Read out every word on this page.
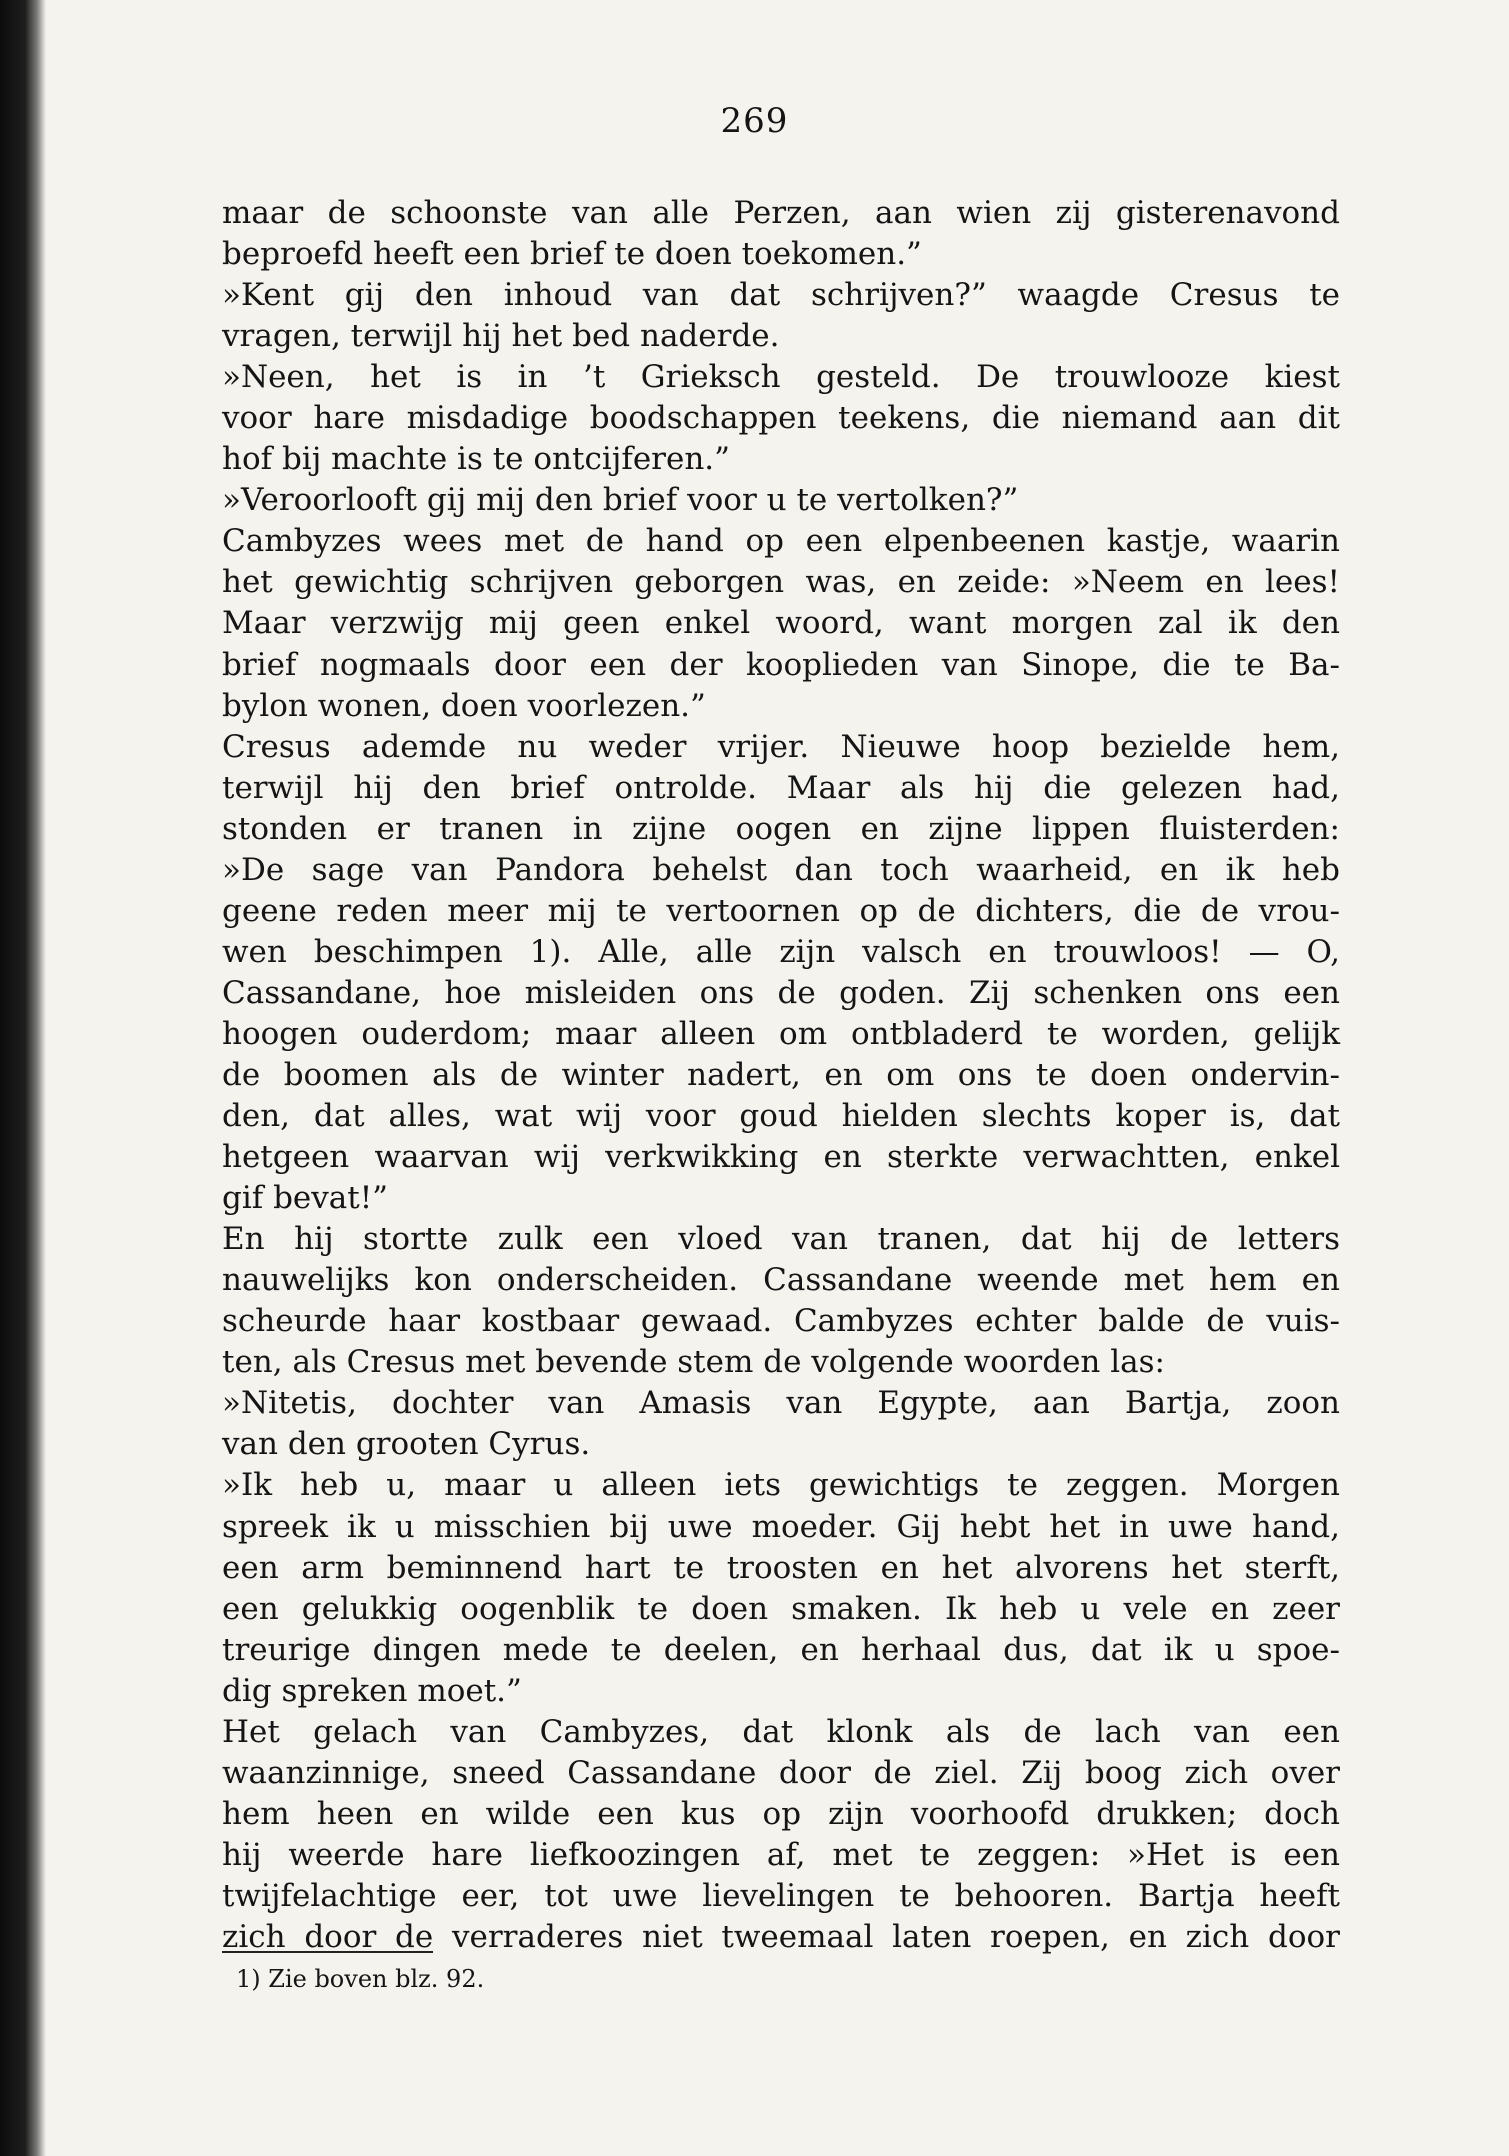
269
maar de schoonste van alle Perzen, aan wien zij gisterenavond
beproefd heeft een brief te doen toekomen.”
»Kent gij den inhoud van dat schrijven?” waagde Cresus te
vragen, terwijl hij het bed naderde.
»Neen, het is in ’t Grieksch gesteld. De trouwlooze kiest
voor hare misdadige boodschappen teekens, die niemand aan dit
hof bij machte is te ontcijferen.”
»Veroorlooft gij mij den brief voor u te vertolken?”
Cambyzes wees met de hand op een elpenbeenen kastje, waarin
het gewichtig schrijven geborgen was, en zeide: »Neem en lees!
Maar verzwijg mij geen enkel woord, want morgen zal ik den
brief nogmaals door een der kooplieden van Sinope, die te Ba-
bylon wonen, doen voorlezen.”
Cresus ademde nu weder vrijer. Nieuwe hoop bezielde hem,
terwijl hij den brief ontrolde. Maar als hij die gelezen had,
stonden er tranen in zijne oogen en zijne lippen fluisterden:
»De sage van Pandora behelst dan toch waarheid, en ik heb
geene reden meer mij te vertoornen op de dichters, die de vrou-
wen beschimpen 1). Alle, alle zijn valsch en trouwloos! — O,
Cassandane, hoe misleiden ons de goden. Zij schenken ons een
hoogen ouderdom; maar alleen om ontbladerd te worden, gelijk
de boomen als de winter nadert, en om ons te doen ondervin-
den, dat alles, wat wij voor goud hielden slechts koper is, dat
hetgeen waarvan wij verkwikking en sterkte verwachtten, enkel
gif bevat!”
En hij stortte zulk een vloed van tranen, dat hij de letters
nauwelijks kon onderscheiden. Cassandane weende met hem en
scheurde haar kostbaar gewaad. Cambyzes echter balde de vuis-
ten, als Cresus met bevende stem de volgende woorden las:
»Nitetis, dochter van Amasis van Egypte, aan Bartja, zoon
van den grooten Cyrus.
»Ik heb u, maar u alleen iets gewichtigs te zeggen. Morgen
spreek ik u misschien bij uwe moeder. Gij hebt het in uwe hand,
een arm beminnend hart te troosten en het alvorens het sterft,
een gelukkig oogenblik te doen smaken. Ik heb u vele en zeer
treurige dingen mede te deelen, en herhaal dus, dat ik u spoe-
dig spreken moet.”
Het gelach van Cambyzes, dat klonk als de lach van een
waanzinnige, sneed Cassandane door de ziel. Zij boog zich over
hem heen en wilde een kus op zijn voorhoofd drukken; doch
hij weerde hare liefkoozingen af, met te zeggen: »Het is een
twijfelachtige eer, tot uwe lievelingen te behooren. Bartja heeft
zich door de verraderes niet tweemaal laten roepen, en zich door
1) Zie boven blz. 92.
